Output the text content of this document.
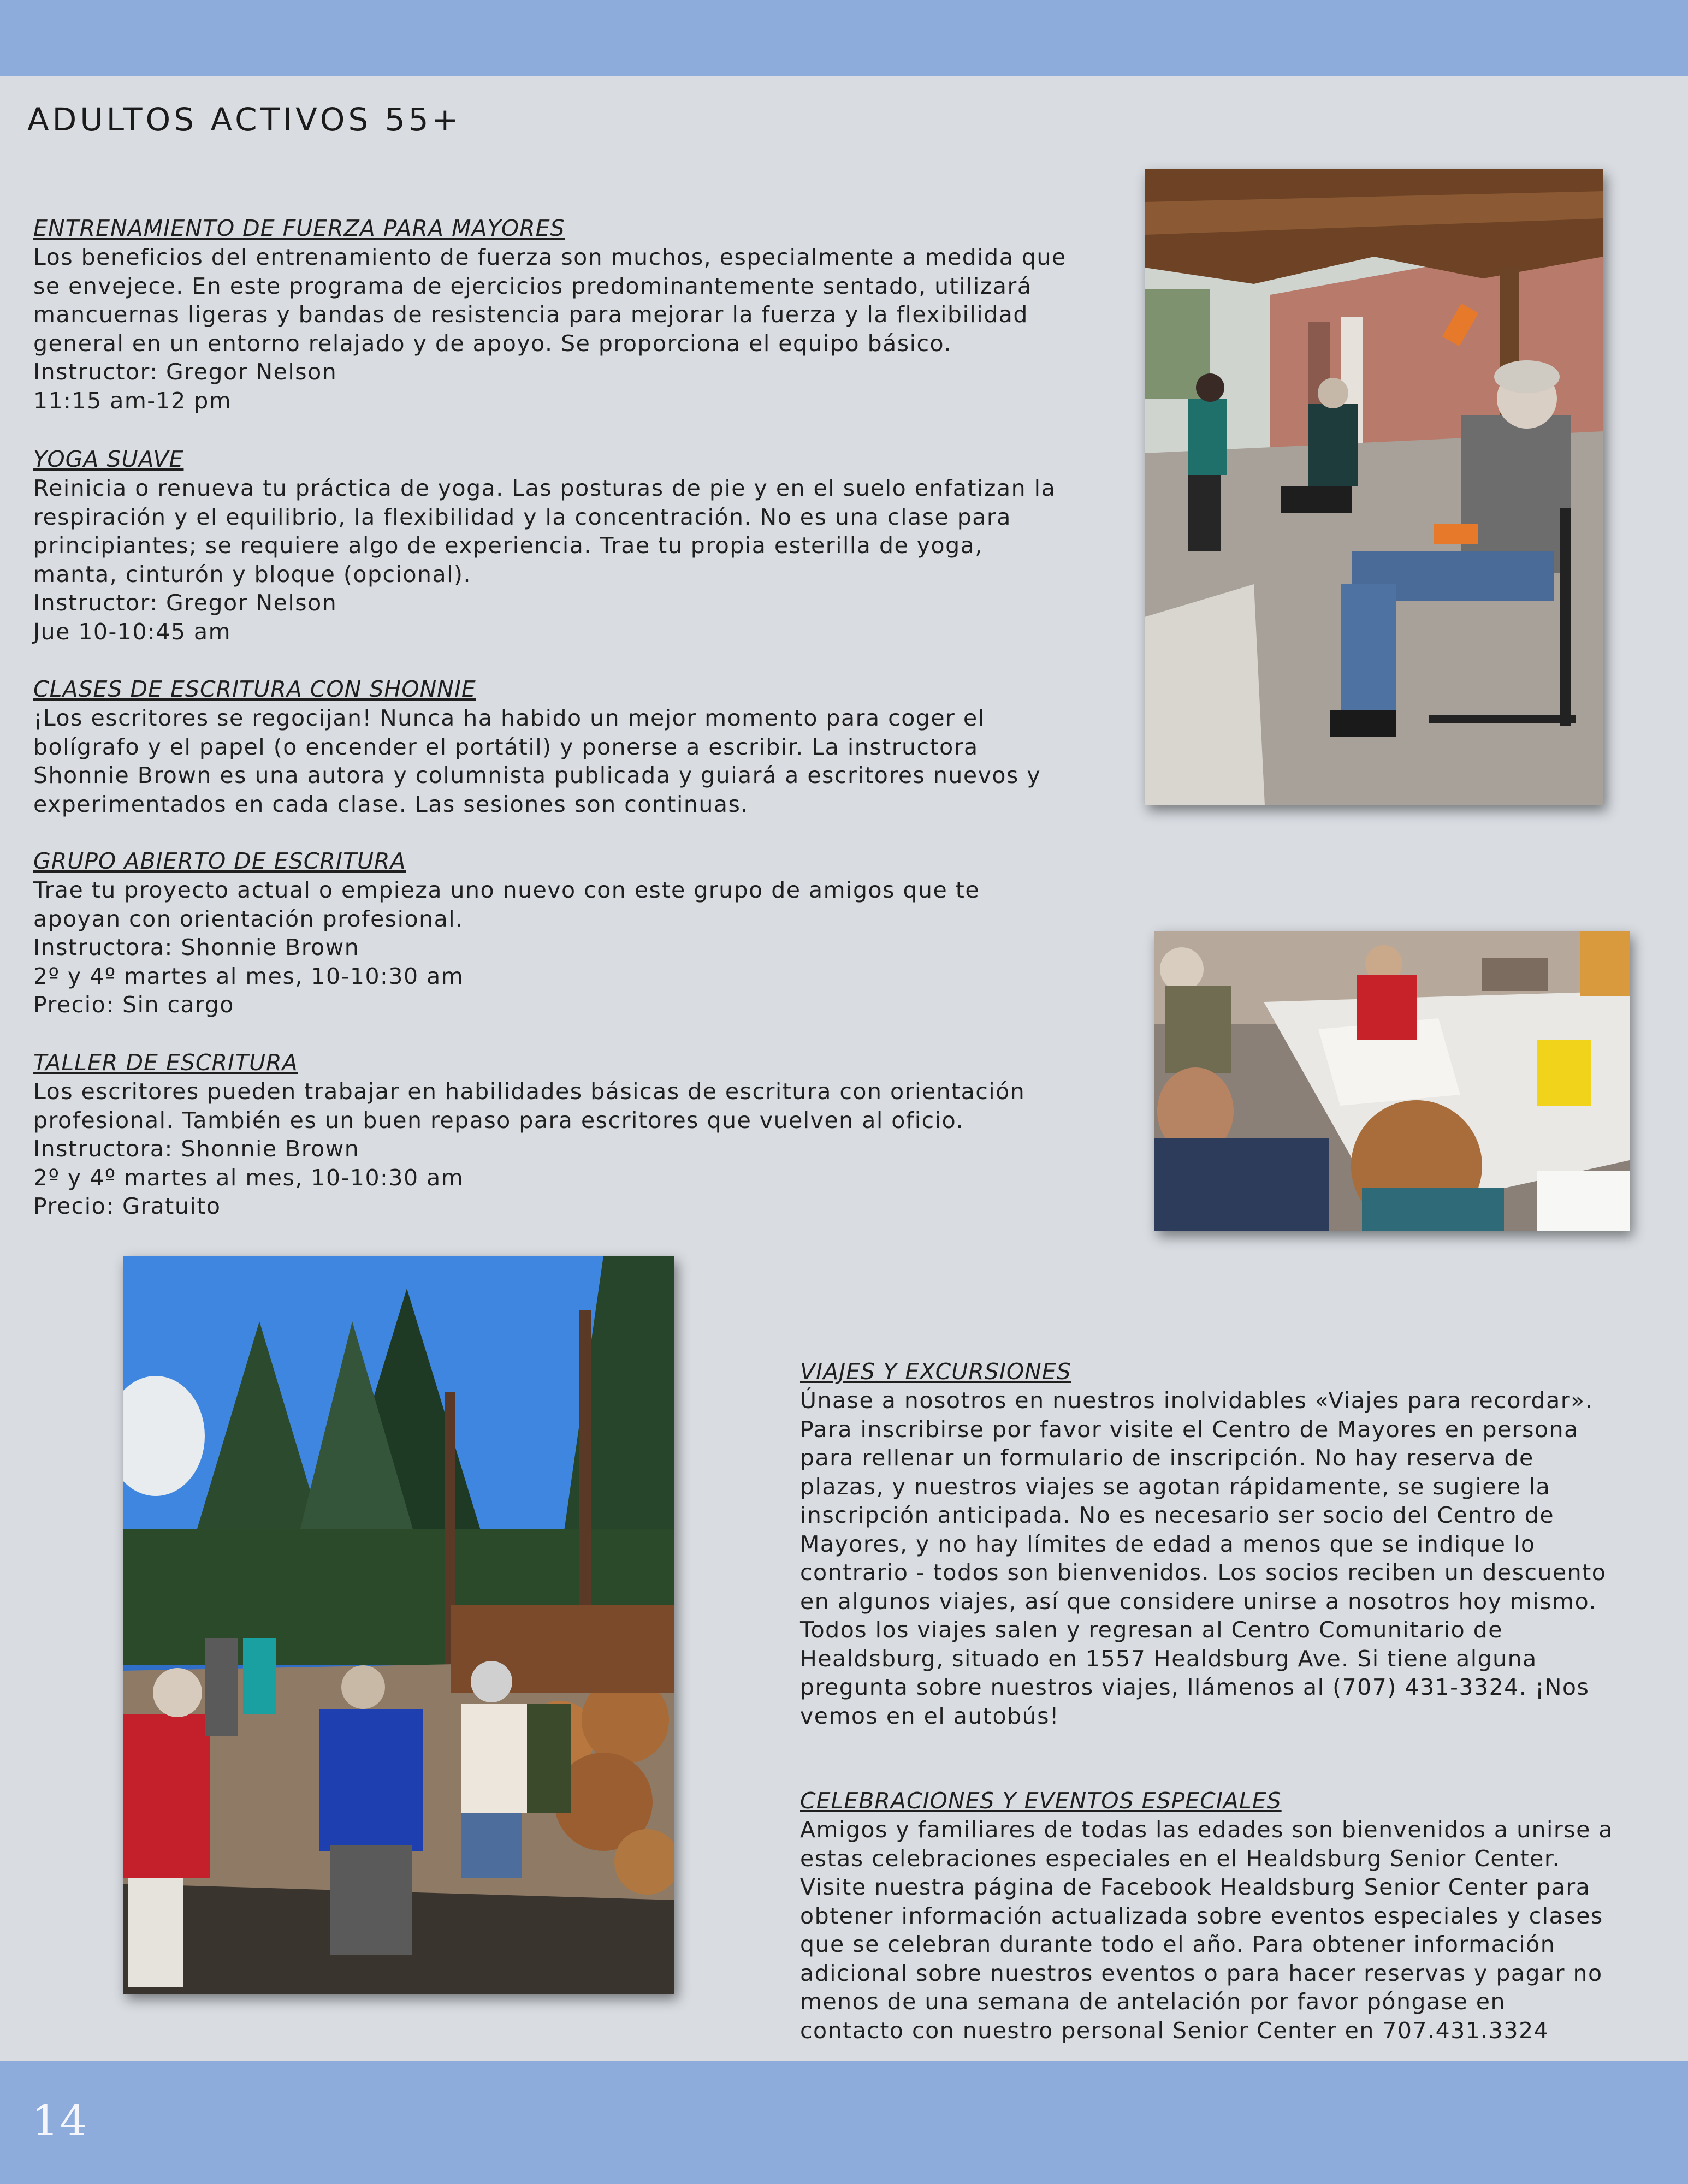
ADULTOS ACTIVOS 55+
ENTRENAMIENTO DE FUERZA PARA MAYORES

Los beneficios del entrenamiento de fuerza son muchos, especialmente a medida que
se envejece. En este programa de ejercicios predominantemente sentado, utilizará
mancuernas ligeras y bandas de resistencia para mejorar la fuerza y la flexibilidad
general en un entorno relajado y de apoyo. Se proporciona el equipo básico.
Instructor: Gregor Nelson
11:15 am-12 pm

YOGA SUAVE

Reinicia o renueva tu práctica de yoga. Las posturas de pie y en el suelo enfatizan la
respiración y el equilibrio, la flexibilidad y la concentración. No es una clase para
principiantes; se requiere algo de experiencia. Trae tu propia esterilla de yoga,
manta, cinturón y bloque (opcional).
Instructor: Gregor Nelson
Jue 10-10:45 am

CLASES DE ESCRITURA CON SHONNIE

¡Los escritores se regocijan! Nunca ha habido un mejor momento para coger el
bolígrafo y el papel (o encender el portátil) y ponerse a escribir. La instructora
Shonnie Brown es una autora y columnista publicada y guiará a escritores nuevos y
experimentados en cada clase. Las sesiones son continuas.

GRUPO ABIERTO DE ESCRITURA

Trae tu proyecto actual o empieza uno nuevo con este grupo de amigos que te
apoyan con orientación profesional.
Instructora: Shonnie Brown
2º y 4º martes al mes, 10-10:30 am
Precio: Sin cargo

TALLER DE ESCRITURA

Los escritores pueden trabajar en habilidades básicas de escritura con orientación
profesional. También es un buen repaso para escritores que vuelven al oficio.
Instructora: Shonnie Brown
2º y 4º martes al mes, 10-10:30 am
Precio: Gratuito

VIAJES Y EXCURSIONES

Únase a nosotros en nuestros inolvidables «Viajes para recordar».
Para inscribirse por favor visite el Centro de Mayores en persona
para rellenar un formulario de inscripción. No hay reserva de
plazas, y nuestros viajes se agotan rápidamente, se sugiere la
inscripción anticipada. No es necesario ser socio del Centro de
Mayores, y no hay límites de edad a menos que se indique lo
contrario - todos son bienvenidos. Los socios reciben un descuento
en algunos viajes, así que considere unirse a nosotros hoy mismo.
Todos los viajes salen y regresan al Centro Comunitario de
Healdsburg, situado en 1557 Healdsburg Ave. Si tiene alguna
pregunta sobre nuestros viajes, llámenos al (707) 431-3324. ¡Nos
vemos en el autobús!

CELEBRACIONES Y EVENTOS ESPECIALES

Amigos y familiares de todas las edades son bienvenidos a unirse a
estas celebraciones especiales en el Healdsburg Senior Center.
Visite nuestra página de Facebook Healdsburg Senior Center para
obtener información actualizada sobre eventos especiales y clases
que se celebran durante todo el año. Para obtener información
adicional sobre nuestros eventos o para hacer reservas y pagar no
menos de una semana de antelación por favor póngase en
contacto con nuestro personal Senior Center en 707.431.3324

14
